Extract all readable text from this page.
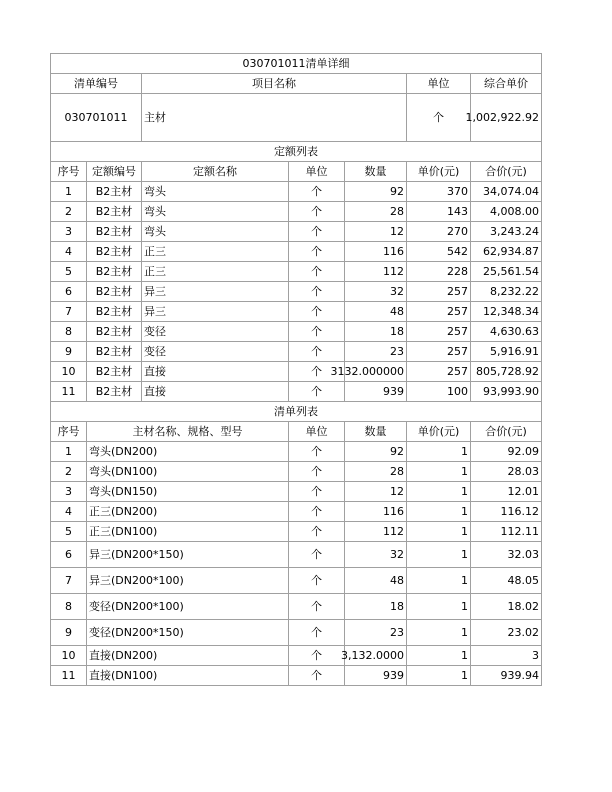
030701011清单详细						
清单编号		项目名称			单位	综合单价
030701011		主材			个	1,002,922.92
定额列表						
序号	定额编号	定额名称	单位	数量	单价(元)	合价(元)
1	B2主材	弯头	个	92	370	34,074.04
2	B2主材	弯头	个	28	143	4,008.00
3	B2主材	弯头	个	12	270	3,243.24
4	B2主材	正三	个	116	542	62,934.87
5	B2主材	正三	个	112	228	25,561.54
6	B2主材	异三	个	32	257	8,232.22
7	B2主材	异三	个	48	257	12,348.34
8	B2主材	变径	个	18	257	4,630.63
9	B2主材	变径	个	23	257	5,916.91
10	B2主材	直接	个	3132.000000	257	805,728.92
11	B2主材	直接	个	939	100	93,993.90
清单列表						
序号	主材名称、规格、型号		单位	数量	单价(元)	合价(元)
1	弯头(DN200)		个	92	1	92.09
2	弯头(DN100)		个	28	1	28.03
3	弯头(DN150)		个	12	1	12.01
4	正三(DN200)		个	116	1	116.12
5	正三(DN100)		个	112	1	112.11
6	异三(DN200*150)		个	32	1	32.03
7	异三(DN200*100)		个	48	1	48.05
8	变径(DN200*100)		个	18	1	18.02
9	变径(DN200*150)		个	23	1	23.02
10	直接(DN200)		个	3,132.0000	1	3
11	直接(DN100)		个	939	1	939.94
